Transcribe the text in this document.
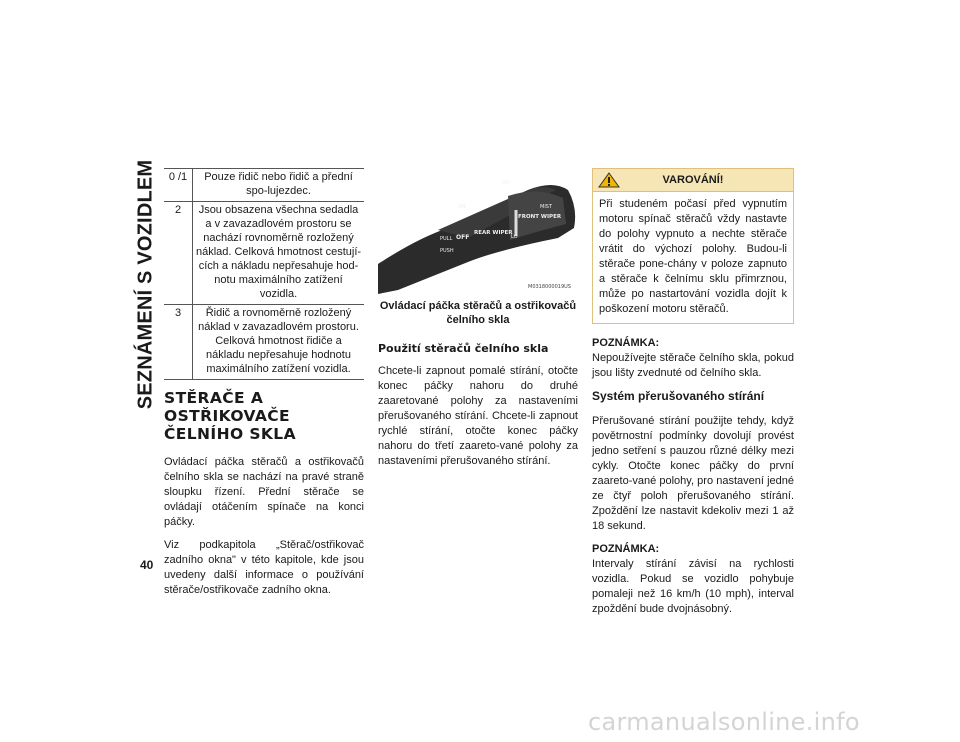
SEZNÁMENÍ S VOZIDLEM
40
0 /1	Pouze řidič nebo řidič a přední spo-lujezdec.
2	Jsou obsazena všechna sedadla a v zavazadlovém prostoru se nachází rovnoměrně rozložený náklad. Celková hmotnost cestují-cích a nákladu nepřesahuje hod-notu maximálního zatížení vozidla.
3	Řidič a rovnoměrně rozložený náklad v zavazadlovém prostoru. Celková hmotnost řidiče a nákladu nepřesahuje hodnotu maximálního zatížení vozidla.
STĚRAČE A OSTŘIKOVAČE ČELNÍHO SKLA

Ovládací páčka stěračů a ostřikovačů čelního skla se nachází na pravé straně sloupku řízení. Přední stěrače se ovládají otáčením spínače na konci páčky.

Viz podkapitola „Stěrač/ostřikovač zadního okna" v této kapitole, kde jsou uvedeny další informace o používání stěrače/ostřikovače zadního okna.

ON
PULL OFF
REAR WIPER
PUSH
FRONT WIPER
MIST
LO
OFF
M0318000019US
Ovládací páčka stěračů a ostřikovačů čelního skla
Použití stěračů čelního skla

Chcete-li zapnout pomalé stírání, otočte konec páčky nahoru do druhé zaaretované polohy za nastaveními přerušovaného stírání. Chcete-li zapnout rychlé stírání, otočte konec páčky nahoru do třetí zaareto-vané polohy za nastaveními přerušovaného stírání.

VAROVÁNÍ!
Při studeném počasí před vypnutím motoru spínač stěračů vždy nastavte do polohy vypnuto a nechte stěrače vrátit do výchozí polohy. Budou-li stěrače pone-chány v poloze zapnuto a stěrače k čelnímu sklu přimrznou, může po nastartování vozidla dojít k poškození motoru stěračů.

POZNÁMKA:

Nepoužívejte stěrače čelního skla, pokud jsou lišty zvednuté od čelního skla.

Systém přerušovaného stírání

Přerušované stírání použijte tehdy, když povětrnostní podmínky dovolují provést jedno setření s pauzou různé délky mezi cykly. Otočte konec páčky do první zaareto-vané polohy, pro nastavení jedné ze čtyř poloh přerušovaného stírání. Zpoždění lze nastavit kdekoliv mezi 1 až 18 sekund.

POZNÁMKA:

Intervaly stírání závisí na rychlosti vozidla. Pokud se vozidlo pohybuje pomaleji než 16 km/h (10 mph), interval zpoždění bude dvojnásobný.

carmanualsonline.info
